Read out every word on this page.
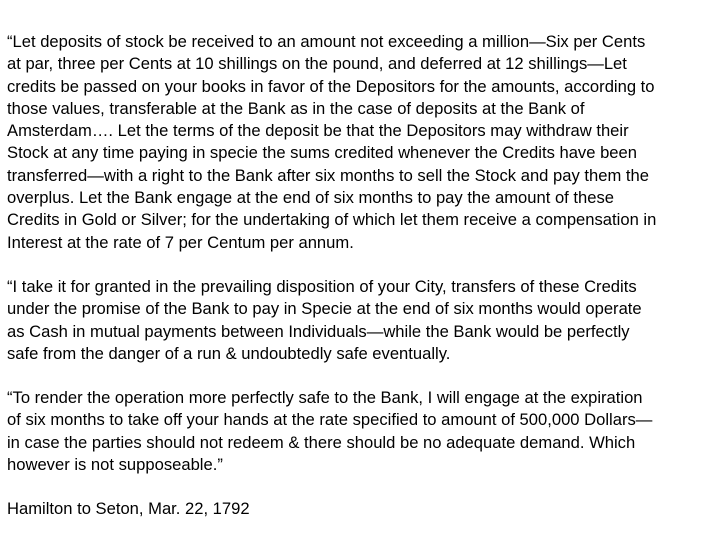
“Let deposits of stock be received to an amount not exceeding a million—Six per Cents
at par, three per Cents at 10 shillings on the pound, and deferred at 12 shillings—Let
credits be passed on your books in favor of the Depositors for the amounts, according to
those values, transferable at the Bank as in the case of deposits at the Bank of
Amsterdam…. Let the terms of the deposit be that the Depositors may withdraw their
Stock at any time paying in specie the sums credited whenever the Credits have been
transferred—with a right to the Bank after six months to sell the Stock and pay them the
overplus. Let the Bank engage at the end of six months to pay the amount of these
Credits in Gold or Silver; for the undertaking of which let them receive a compensation in
Interest at the rate of 7 per Centum per annum.
“I take it for granted in the prevailing disposition of your City, transfers of these Credits
under the promise of the Bank to pay in Specie at the end of six months would operate
as Cash in mutual payments between Individuals—while the Bank would be perfectly
safe from the danger of a run & undoubtedly safe eventually.
“To render the operation more perfectly safe to the Bank, I will engage at the expiration
of six months to take off your hands at the rate specified to amount of 500,000 Dollars—
in case the parties should not redeem & there should be no adequate demand. Which
however is not supposeable.”
Hamilton to Seton, Mar. 22, 1792
